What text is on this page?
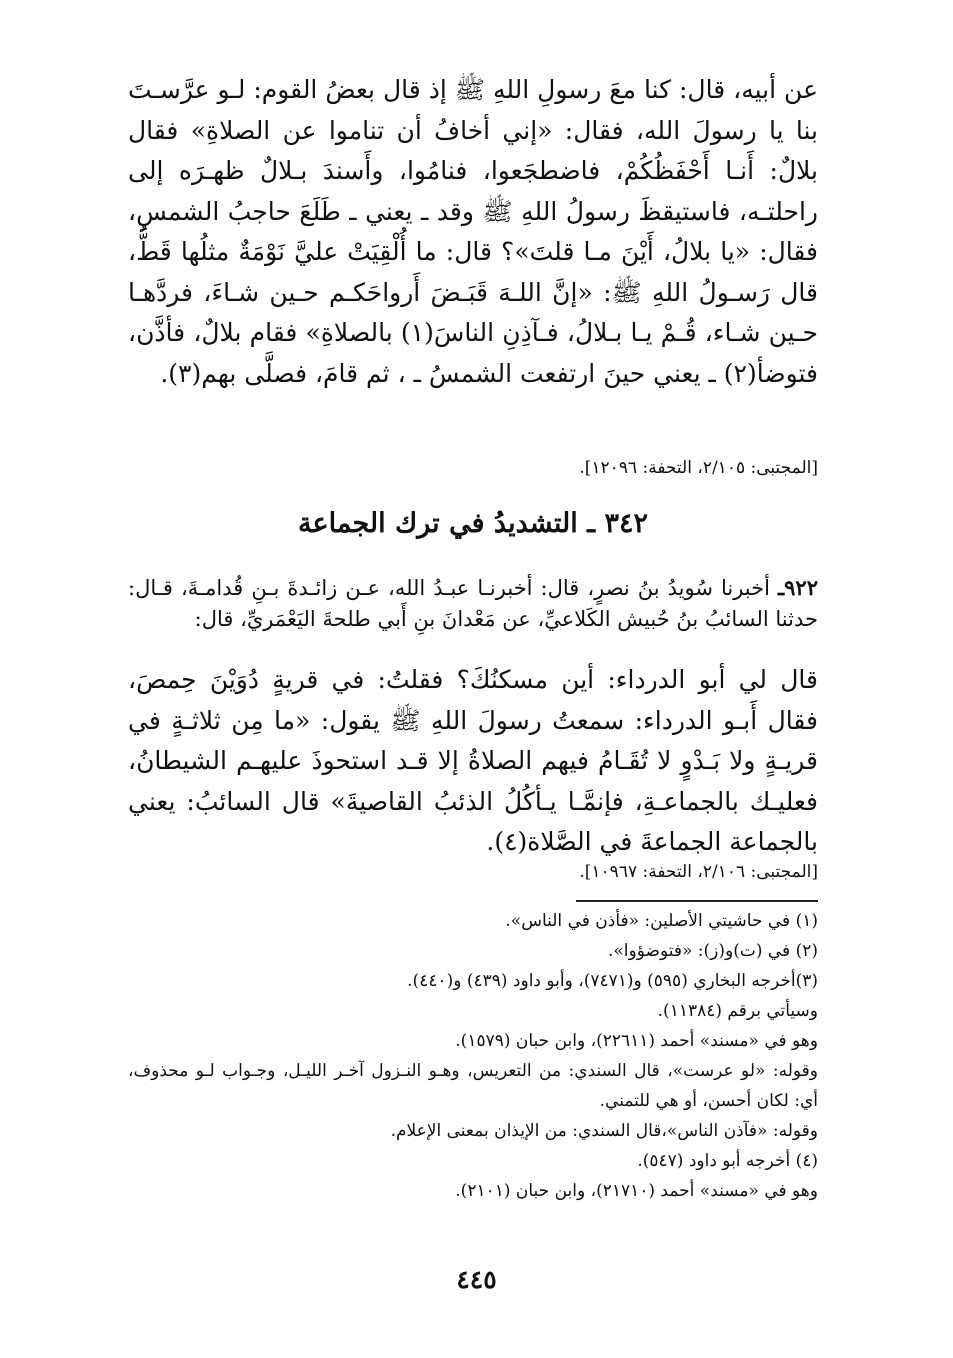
عن أبيه، قال: كنا معَ رسولِ اللهِ ﷺ إذ قال بعضُ القوم: لـو عرَّسـتَ بنا يا رسولَ الله، فقال: «إني أخافُ أن تناموا عن الصلاةِ» فقال بلالٌ: أَنـا أَحْفَظُكُمْ، فاضطجَعوا، فنامُوا، وأَسندَ بـلالٌ ظهـرَه إلى راحلتـه، فاستيقظَ رسولُ اللهِ ﷺ وقد ـ يعني ـ طَلَعَ حاجبُ الشمسِ، فقال: «يا بلالُ، أَيْنَ مـا قلتَ»؟ قال: ما أُلْقِيَتْ عليَّ نَوْمَةٌ مثلُها قَطُّ، قال رَسـولُ اللهِ ﷺ: «إنَّ اللـهَ قَبَـضَ أَرواحَكـم حـين شـاءَ، فردَّهـا حـين شـاء، قُـمْ يـا بـلالُ، فـآذِنِ الناسَ(١) بالصلاةِ» فقام بلالٌ، فأذَّن، فتوضأ(٢) ـ يعني حينَ ارتفعت الشمسُ ـ ، ثم قامَ، فصلَّى بهم(٣).

[المجتبى: ٢/١٠٥، التحفة: ١٢٠٩٦].
٣٤٢ ـ التشديدُ في ترك الجماعة

٩٢٢ـ أخبرنا سُويدُ بنُ نصرٍ، قال: أخبرنـا عبـدُ الله، عـن زائـدةَ بـنِ قُدامـةَ، قـال: حدثنا السائبُ بنُ حُبيش الكَلاعيِّ، عن مَعْدانَ بنِ أَبي طلحةَ اليَعْمَريِّ، قال:

قال لي أبو الدرداء: أين مسكنُكَ؟ فقلتُ: في قريةٍ دُوَيْنَ حِمصَ، فقال أَبـو الدرداء: سمعتُ رسولَ اللهِ ﷺ يقول: «ما مِن ثلاثـةٍ في قريـةٍ ولا بَـدْوٍ لا تُقَـامُ فيهم الصلاةُ إلا قـد استحوذَ عليهـم الشيطانُ، فعليـك بالجماعـةِ، فإنمَّـا يـأكُلُ الذئبُ القاصيةَ» قال السائبُ: يعني بالجماعة الجماعةَ في الصَّلاة(٤).

[المجتبى: ٢/١٠٦، التحفة: ١٠٩٦٧].

(١) في حاشيتي الأصلين: «فأذن في الناس».

(٢) في (ت)و(ز): «فتوضؤوا».

(٣)أخرجه البخاري (٥٩٥) و(٧٤٧١)، وأبو داود (٤٣٩) و(٤٤٠).

وسيأتي برقم (١١٣٨٤).

وهو في «مسند» أحمد (٢٢٦١١)، وابن حبان (١٥٧٩).

وقوله: «لو عرست»، قال السندي: من التعريس، وهـو النـزول آخـر الليـل، وجـواب لـو محذوف، أي: لكان أحسن، أو هي للتمني.

وقوله: «فآذن الناس»،قال السندي: من الإيذان بمعنى الإعلام.

(٤) أخرجه أبو داود (٥٤٧).

وهو في «مسند» أحمد (٢١٧١٠)، وابن حبان (٢١٠١).

٤٤٥
